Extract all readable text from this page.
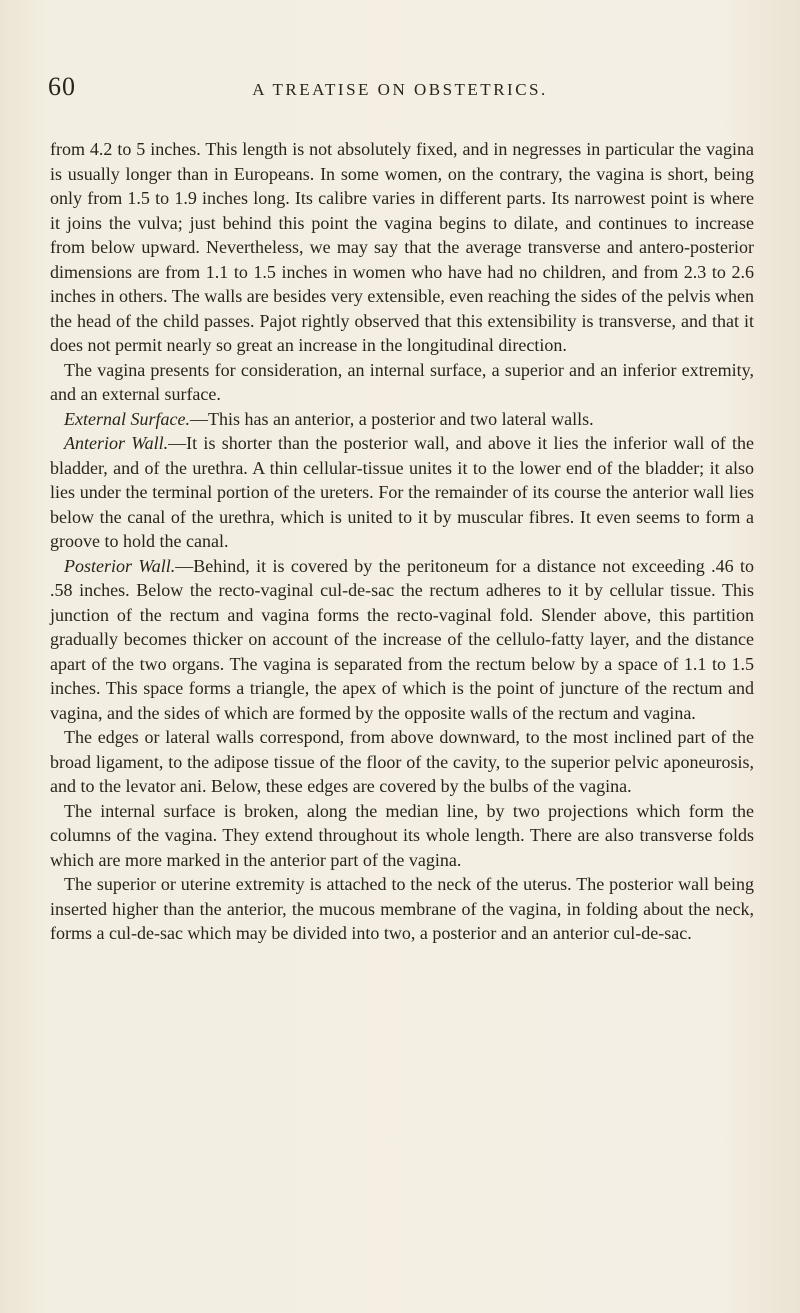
60	A TREATISE ON OBSTETRICS.

from 4.2 to 5 inches. This length is not absolutely fixed, and in negresses in particular the vagina is usually longer than in Europeans. In some women, on the contrary, the vagina is short, being only from 1.5 to 1.9 inches long. Its calibre varies in different parts. Its narrowest point is where it joins the vulva; just behind this point the vagina begins to dilate, and continues to increase from below upward. Nevertheless, we may say that the average transverse and antero-posterior dimensions are from 1.1 to 1.5 inches in women who have had no children, and from 2.3 to 2.6 inches in others. The walls are besides very extensible, even reaching the sides of the pelvis when the head of the child passes. Pajot rightly observed that this extensibility is transverse, and that it does not permit nearly so great an increase in the longitudinal direction.

The vagina presents for consideration, an internal surface, a superior and an inferior extremity, and an external surface.

External Surface.—This has an anterior, a posterior and two lateral walls.

Anterior Wall.—It is shorter than the posterior wall, and above it lies the inferior wall of the bladder, and of the urethra. A thin cellular-tissue unites it to the lower end of the bladder; it also lies under the terminal portion of the ureters. For the remainder of its course the anterior wall lies below the canal of the urethra, which is united to it by muscular fibres. It even seems to form a groove to hold the canal.

Posterior Wall.—Behind, it is covered by the peritoneum for a distance not exceeding .46 to .58 inches. Below the recto-vaginal cul-de-sac the rectum adheres to it by cellular tissue. This junction of the rectum and vagina forms the recto-vaginal fold. Slender above, this partition gradually becomes thicker on account of the increase of the cellulo-fatty layer, and the distance apart of the two organs. The vagina is separated from the rectum below by a space of 1.1 to 1.5 inches. This space forms a triangle, the apex of which is the point of juncture of the rectum and vagina, and the sides of which are formed by the opposite walls of the rectum and vagina.

The edges or lateral walls correspond, from above downward, to the most inclined part of the broad ligament, to the adipose tissue of the floor of the cavity, to the superior pelvic aponeurosis, and to the levator ani. Below, these edges are covered by the bulbs of the vagina.

The internal surface is broken, along the median line, by two projections which form the columns of the vagina. They extend throughout its whole length. There are also transverse folds which are more marked in the anterior part of the vagina.

The superior or uterine extremity is attached to the neck of the uterus. The posterior wall being inserted higher than the anterior, the mucous membrane of the vagina, in folding about the neck, forms a cul-de-sac which may be divided into two, a posterior and an anterior cul-de-sac.
